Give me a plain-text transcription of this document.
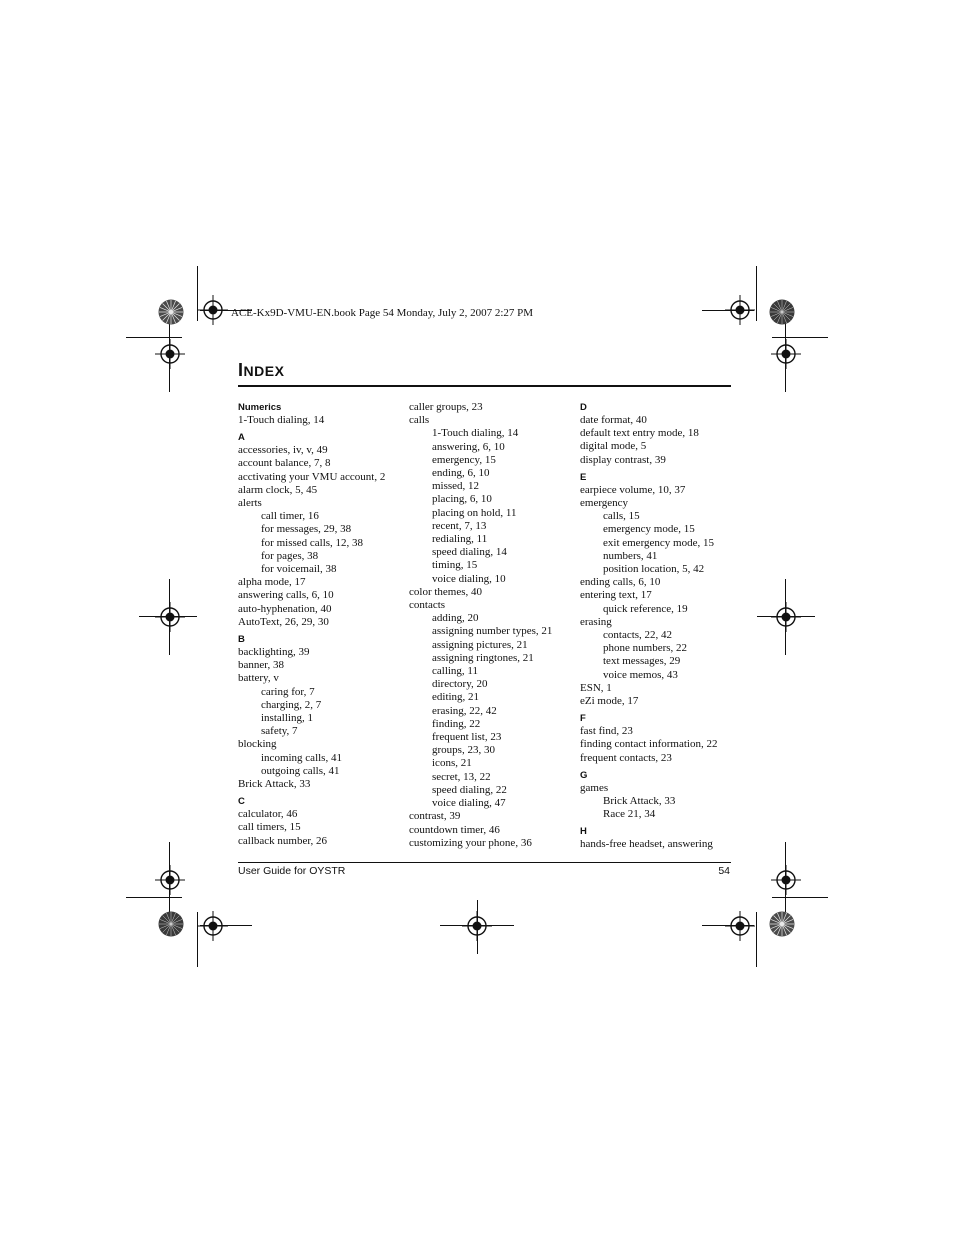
ACE-Kx9D-VMU-EN.book Page 54 Monday, July 2, 2007 2:27 PM
INDEX
Numerics
1-Touch dialing, 14
A
accessories, iv, v, 49
account balance, 7, 8
acctivating your VMU account, 2
alarm clock, 5, 45
alerts
call timer, 16
for messages, 29, 38
for missed calls, 12, 38
for pages, 38
for voicemail, 38
alpha mode, 17
answering calls, 6, 10
auto-hyphenation, 40
AutoText, 26, 29, 30
B
backlighting, 39
banner, 38
battery, v
caring for, 7
charging, 2, 7
installing, 1
safety, 7
blocking
incoming calls, 41
outgoing calls, 41
Brick Attack, 33
C
calculator, 46
call timers, 15
callback number, 26
caller groups, 23
calls
1-Touch dialing, 14
answering, 6, 10
emergency, 15
ending, 6, 10
missed, 12
placing, 6, 10
placing on hold, 11
recent, 7, 13
redialing, 11
speed dialing, 14
timing, 15
voice dialing, 10
color themes, 40
contacts
adding, 20
assigning number types, 21
assigning pictures, 21
assigning ringtones, 21
calling, 11
directory, 20
editing, 21
erasing, 22, 42
finding, 22
frequent list, 23
groups, 23, 30
icons, 21
secret, 13, 22
speed dialing, 22
voice dialing, 47
contrast, 39
countdown timer, 46
customizing your phone, 36
D
date format, 40
default text entry mode, 18
digital mode, 5
display contrast, 39
E
earpiece volume, 10, 37
emergency
calls, 15
emergency mode, 15
exit emergency mode, 15
numbers, 41
position location, 5, 42
ending calls, 6, 10
entering text, 17
quick reference, 19
erasing
contacts, 22, 42
phone numbers, 22
text messages, 29
voice memos, 43
ESN, 1
eZi mode, 17
F
fast find, 23
finding contact information, 22
frequent contacts, 23
G
games
Brick Attack, 33
Race 21, 34
H
hands-free headset, answering
User Guide for OYSTR	54
